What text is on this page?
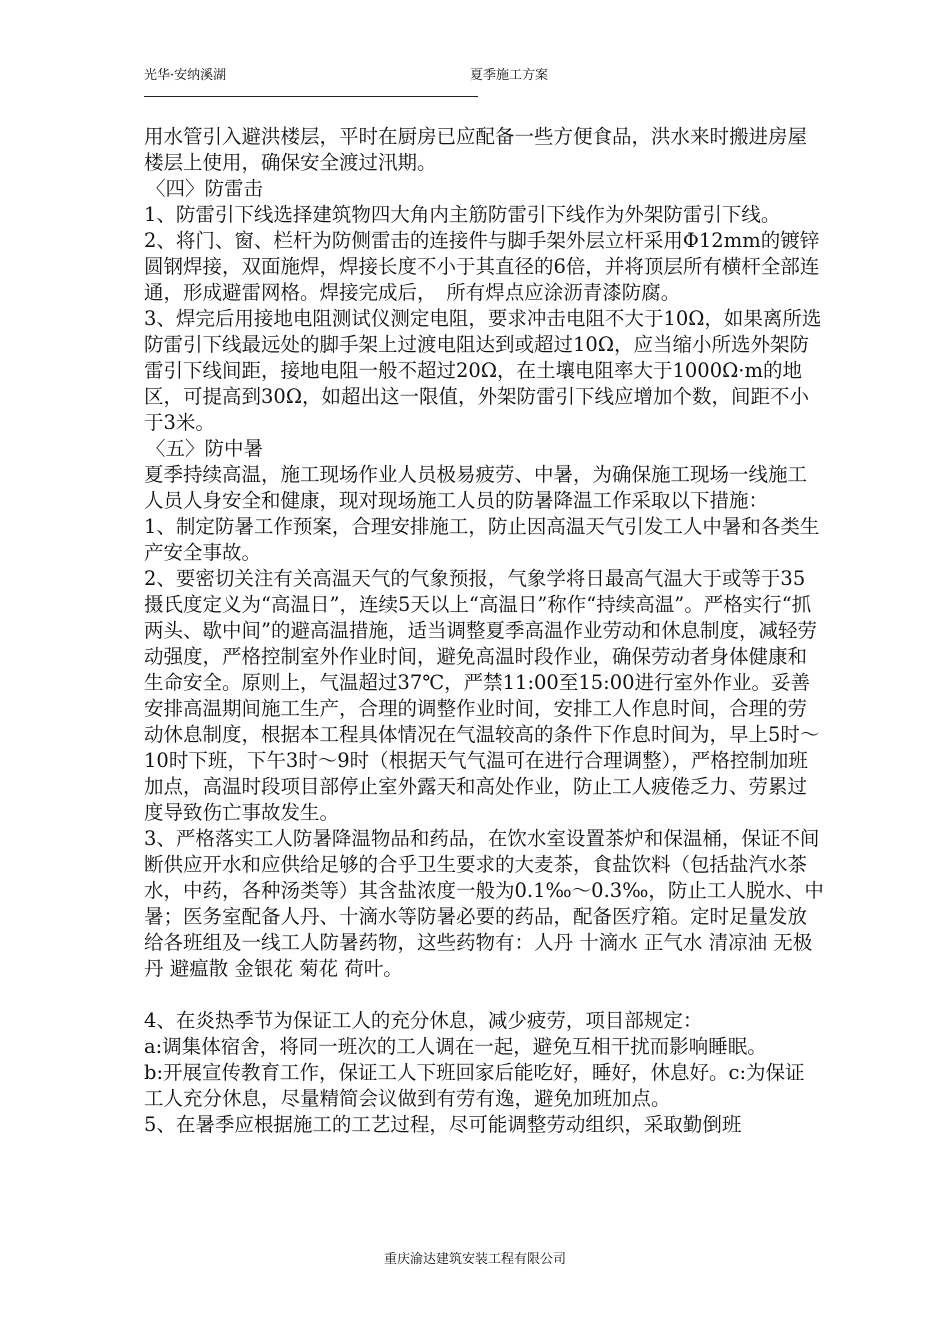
光华·安纳溪湖	夏季施工方案

用水管引入避洪楼层，平时在厨房已应配备一些方便食品，洪水来时搬进房屋楼层上使用，确保安全渡过汛期。

〈四〉防雷击

1、防雷引下线选择建筑物四大角内主筋防雷引下线作为外架防雷引下线。

2、将门、窗、栏杆为防侧雷击的连接件与脚手架外层立杆采用Φ12mm的镀锌圆钢焊接，双面施焊，焊接长度不小于其直径的6倍，并将顶层所有横杆全部连通，形成避雷网格。焊接完成后，　所有焊点应涂沥青漆防腐。

3、焊完后用接地电阻测试仪测定电阻，要求冲击电阻不大于10Ω，如果离所选防雷引下线最远处的脚手架上过渡电阻达到或超过10Ω，应当缩小所选外架防雷引下线间距，接地电阻一般不超过20Ω，在土壤电阻率大于1000Ω·m的地区，可提高到30Ω，如超出这一限值，外架防雷引下线应增加个数，间距不小于3米。

〈五〉防中暑

夏季持续高温，施工现场作业人员极易疲劳、中暑，为确保施工现场一线施工人员人身安全和健康，现对现场施工人员的防暑降温工作采取以下措施：

1、制定防暑工作预案，合理安排施工，防止因高温天气引发工人中暑和各类生产安全事故。

2、要密切关注有关高温天气的气象预报，气象学将日最高气温大于或等于35摄氏度定义为“高温日”，连续5天以上“高温日”称作“持续高温”。严格实行“抓两头、歇中间”的避高温措施，适当调整夏季高温作业劳动和休息制度，减轻劳动强度，严格控制室外作业时间，避免高温时段作业，确保劳动者身体健康和生命安全。原则上，气温超过37℃，严禁11:00至15:00进行室外作业。妥善安排高温期间施工生产，合理的调整作业时间，安排工人作息时间，合理的劳动休息制度，根据本工程具体情况在气温较高的条件下作息时间为，早上5时～10时下班，下午3时～9时（根据天气气温可在进行合理调整），严格控制加班加点，高温时段项目部停止室外露天和高处作业，防止工人疲倦乏力、劳累过度导致伤亡事故发生。

3、严格落实工人防暑降温物品和药品，在饮水室设置茶炉和保温桶，保证不间断供应开水和应供给足够的合乎卫生要求的大麦茶，食盐饮料（包括盐汽水茶水，中药，各种汤类等）其含盐浓度一般为0.1‰～0.3‰，防止工人脱水、中暑；医务室配备人丹、十滴水等防暑必要的药品，配备医疗箱。定时足量发放给各班组及一线工人防暑药物，这些药物有：人丹 十滴水 正气水 清凉油 无极丹 避瘟散 金银花 菊花 荷叶。

4、在炎热季节为保证工人的充分休息，减少疲劳，项目部规定：

a:调集体宿舍，将同一班次的工人调在一起，避免互相干扰而影响睡眠。

b:开展宣传教育工作，保证工人下班回家后能吃好，睡好，休息好。c:为保证工人充分休息，尽量精简会议做到有劳有逸，避免加班加点。

5、在暑季应根据施工的工艺过程，尽可能调整劳动组织，采取勤倒班

重庆渝达建筑安装工程有限公司
